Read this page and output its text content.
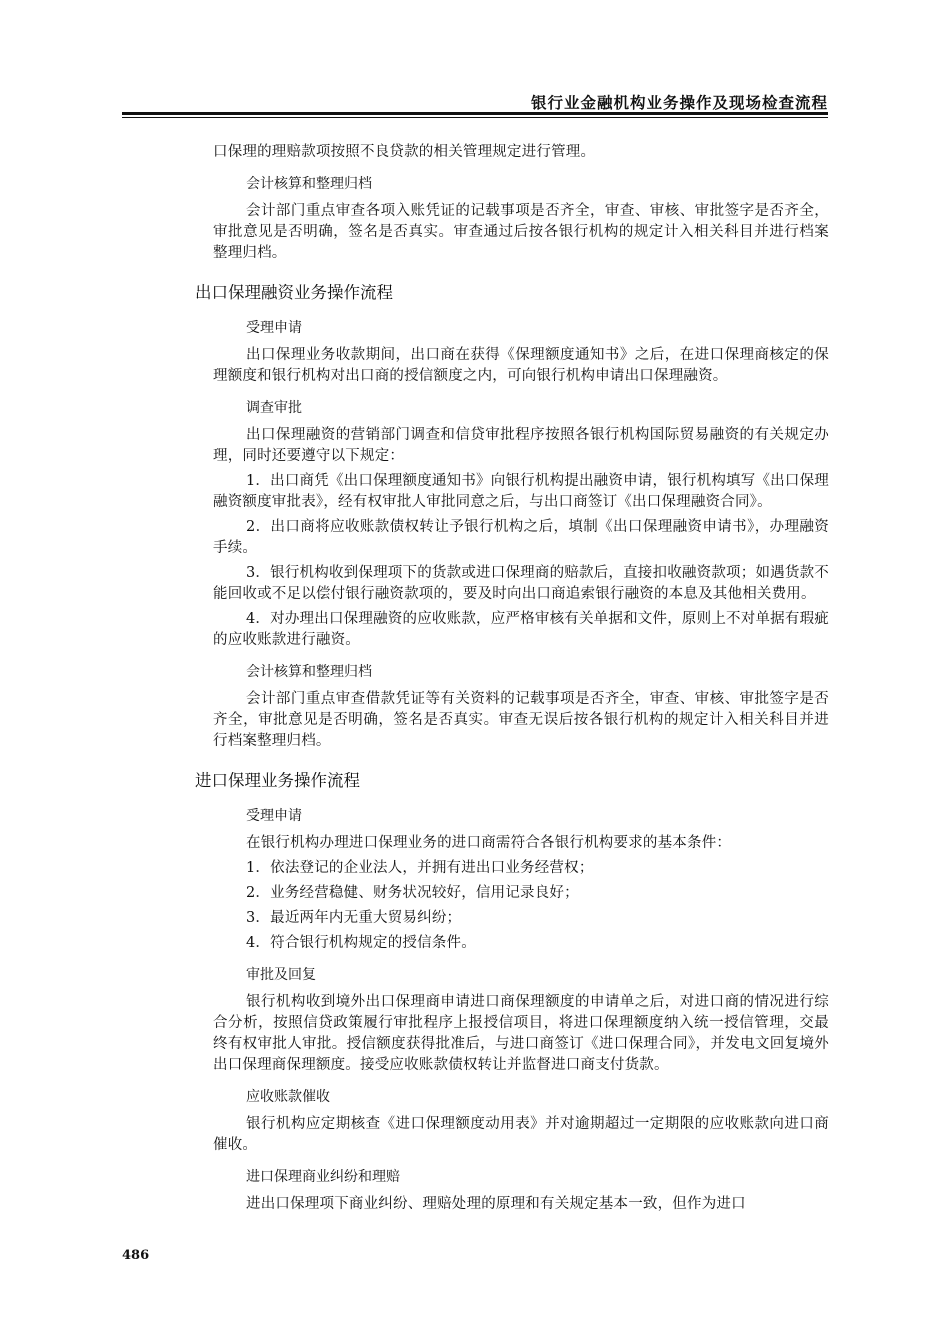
银行业金融机构业务操作及现场检查流程

口保理的理赔款项按照不良贷款的相关管理规定进行管理。

会计核算和整理归档

会计部门重点审查各项入账凭证的记载事项是否齐全，审查、审核、审批签字是否齐全，审批意见是否明确，签名是否真实。审查通过后按各银行机构的规定计入相关科目并进行档案整理归档。

出口保理融资业务操作流程
受理申请

出口保理业务收款期间，出口商在获得《保理额度通知书》之后，在进口保理商核定的保理额度和银行机构对出口商的授信额度之内，可向银行机构申请出口保理融资。

调查审批

出口保理融资的营销部门调查和信贷审批程序按照各银行机构国际贸易融资的有关规定办理，同时还要遵守以下规定：

1．出口商凭《出口保理额度通知书》向银行机构提出融资申请，银行机构填写《出口保理融资额度审批表》，经有权审批人审批同意之后，与出口商签订《出口保理融资合同》。

2．出口商将应收账款债权转让予银行机构之后，填制《出口保理融资申请书》，办理融资手续。

3．银行机构收到保理项下的货款或进口保理商的赔款后，直接扣收融资款项；如遇货款不能回收或不足以偿付银行融资款项的，要及时向出口商追索银行融资的本息及其他相关费用。

4．对办理出口保理融资的应收账款，应严格审核有关单据和文件，原则上不对单据有瑕疵的应收账款进行融资。

会计核算和整理归档

会计部门重点审查借款凭证等有关资料的记载事项是否齐全，审查、审核、审批签字是否齐全，审批意见是否明确，签名是否真实。审查无误后按各银行机构的规定计入相关科目并进行档案整理归档。

进口保理业务操作流程
受理申请

在银行机构办理进口保理业务的进口商需符合各银行机构要求的基本条件：

1．依法登记的企业法人，并拥有进出口业务经营权；

2．业务经营稳健、财务状况较好，信用记录良好；

3．最近两年内无重大贸易纠纷；

4．符合银行机构规定的授信条件。

审批及回复

银行机构收到境外出口保理商申请进口商保理额度的申请单之后，对进口商的情况进行综合分析，按照信贷政策履行审批程序上报授信项目，将进口保理额度纳入统一授信管理，交最终有权审批人审批。授信额度获得批准后，与进口商签订《进口保理合同》，并发电文回复境外出口保理商保理额度。接受应收账款债权转让并监督进口商支付货款。

应收账款催收

银行机构应定期核查《进口保理额度动用表》并对逾期超过一定期限的应收账款向进口商催收。

进口保理商业纠纷和理赔

进出口保理项下商业纠纷、理赔处理的原理和有关规定基本一致，但作为进口

486
